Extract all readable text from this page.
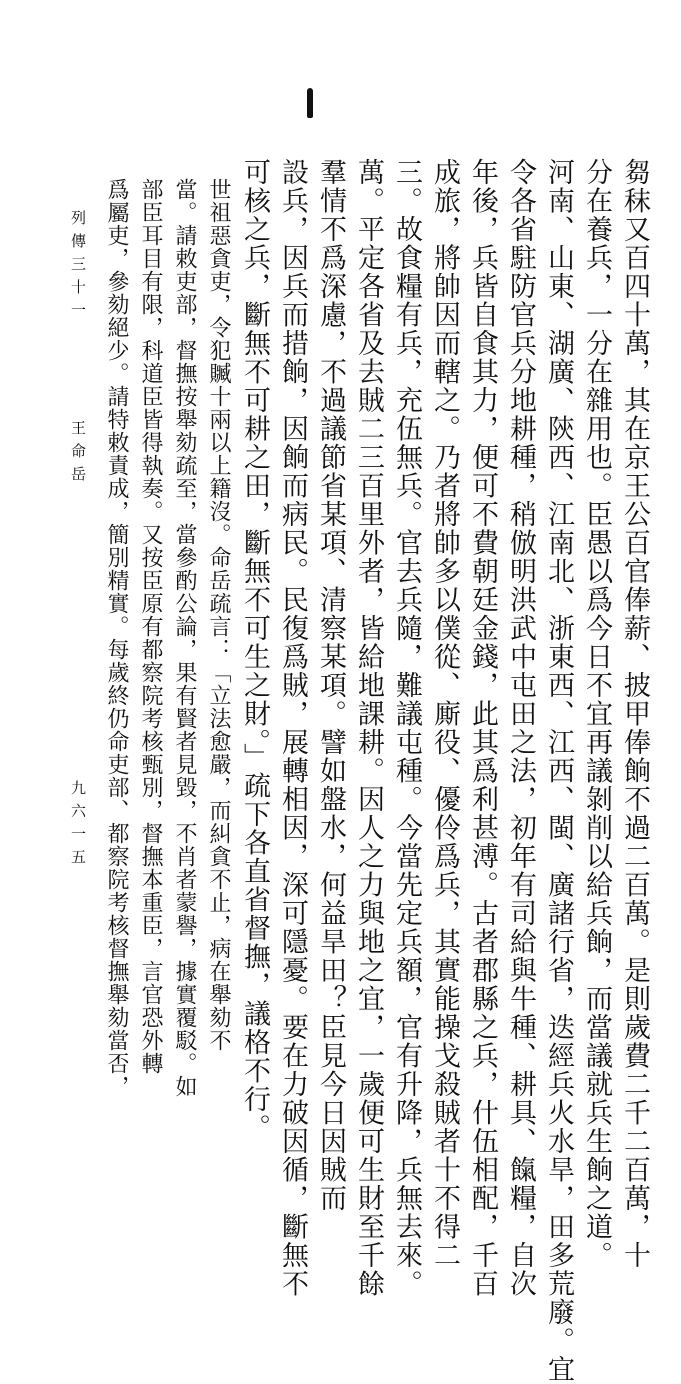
芻秣又百四十萬，其在京王公百官俸薪、披甲俸餉不過二百萬。是則歲費二千二百萬，十
分在養兵，一分在雜用也。臣愚以爲今日不宜再議剝削以給兵餉，而當議就兵生餉之道。
河南、山東、湖廣、陝西、江南北、浙東西、江西、閩、廣諸行省，迭經兵火水旱，田多荒廢。宜
令各省駐防官兵分地耕種，稍倣明洪武中屯田之法，初年有司給與牛種、耕具、餼糧，自次
年後，兵皆自食其力，便可不費朝廷金錢，此其爲利甚溥。古者郡縣之兵，什伍相配，千百
成旅，將帥因而轄之。乃者將帥多以僕從、廝役、優伶爲兵，其實能操戈殺賊者十不得二
三。故食糧有兵，充伍無兵。官去兵隨，難議屯種。今當先定兵額，官有升降，兵無去來。
萬。平定各省及去賊二三百里外者，皆給地課耕。因人之力與地之宜，一歲便可生財至千餘
羣情不爲深慮，不過議節省某項、清察某項。譬如盤水，何益旱田？臣見今日因賊而
設兵，因兵而措餉，因餉而病民。民復爲賊，展轉相因，深可隱憂。要在力破因循，斷無不
可核之兵，斷無不可耕之田，斷無不可生之財。」疏下各直省督撫，議格不行。
世祖惡貪吏，令犯贓十兩以上籍沒。命岳疏言：「立法愈嚴，而糾貪不止，病在舉劾不
當。請敕吏部，督撫按舉劾疏至，當參酌公論，果有賢者見毀，不肖者蒙譽，據實覆駁。如
部臣耳目有限，科道臣皆得執奏。又按臣原有都察院考核甄別，督撫本重臣，言官恐外轉
爲屬吏，參劾絕少。請特敕責成，簡別精實。每歲終仍命吏部、都察院考核督撫舉劾當否，
列傳三十一
王命岳
九六一五
